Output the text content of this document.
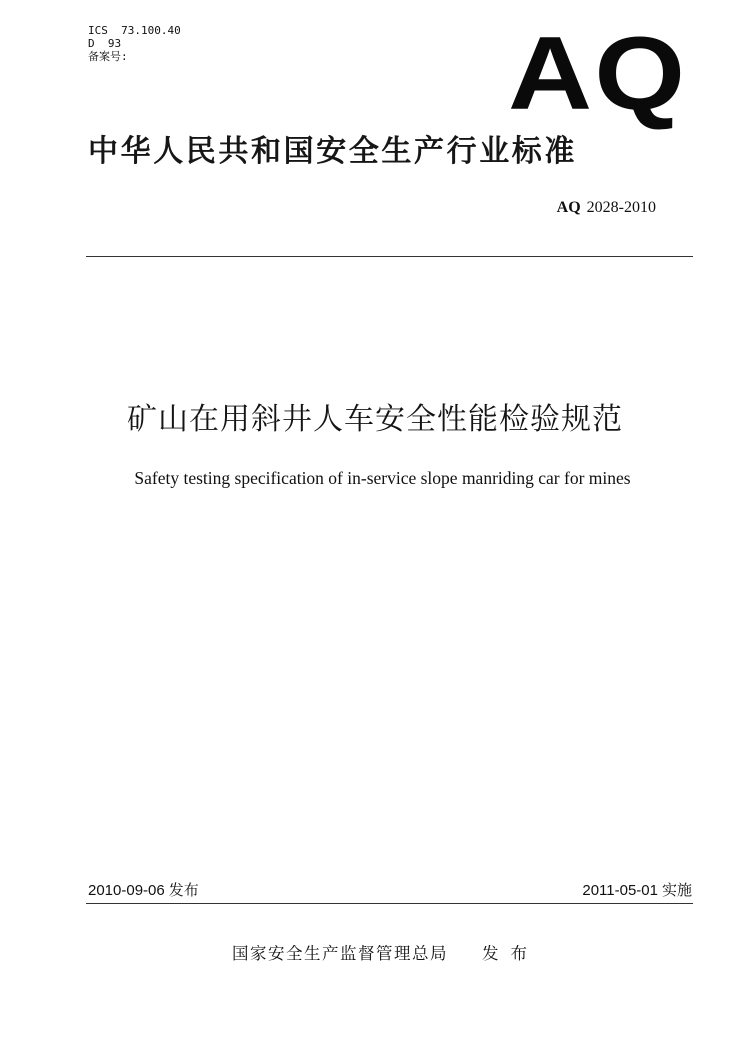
ICS  73.100.40
D  93
备案号:	AQ
中华人民共和国安全生产行业标准
AQ 2028-2010
矿山在用斜井人车安全性能检验规范
Safety testing specification of in-service slope manriding car for mines
2010-09-06 发布	2011-05-01 实施
国家安全生产监督管理总局 发布
